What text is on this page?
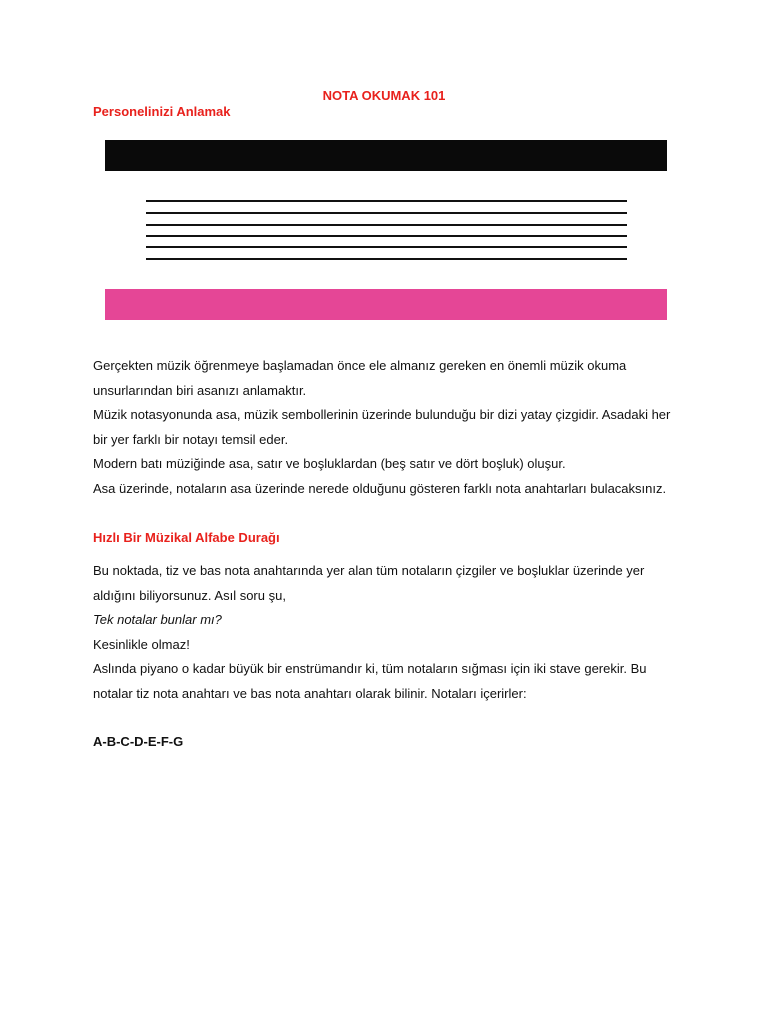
NOTA OKUMAK 101
Personelinizi Anlamak
Gerçekten müzik öğrenmeye başlamadan önce ele almanız gereken en önemli müzik okuma
unsurlarından biri asanızı anlamaktır.
Müzik notasyonunda asa, müzik sembollerinin üzerinde bulunduğu bir dizi yatay çizgidir. Asadaki her
bir yer farklı bir notayı temsil eder.
Modern batı müziğinde asa, satır ve boşluklardan (beş satır ve dört boşluk) oluşur.
Asa üzerinde, notaların asa üzerinde nerede olduğunu gösteren farklı nota anahtarları bulacaksınız.
Hızlı Bir Müzikal Alfabe Durağı
Bu noktada, tiz ve bas nota anahtarında yer alan tüm notaların çizgiler ve boşluklar üzerinde yer
aldığını biliyorsunuz. Asıl soru şu,
Tek notalar bunlar mı?
Kesinlikle olmaz!
Aslında piyano o kadar büyük bir enstrümandır ki, tüm notaların sığması için iki stave gerekir. Bu
notalar tiz nota anahtarı ve bas nota anahtarı olarak bilinir. Notaları içerirler:
A-B-C-D-E-F-G
